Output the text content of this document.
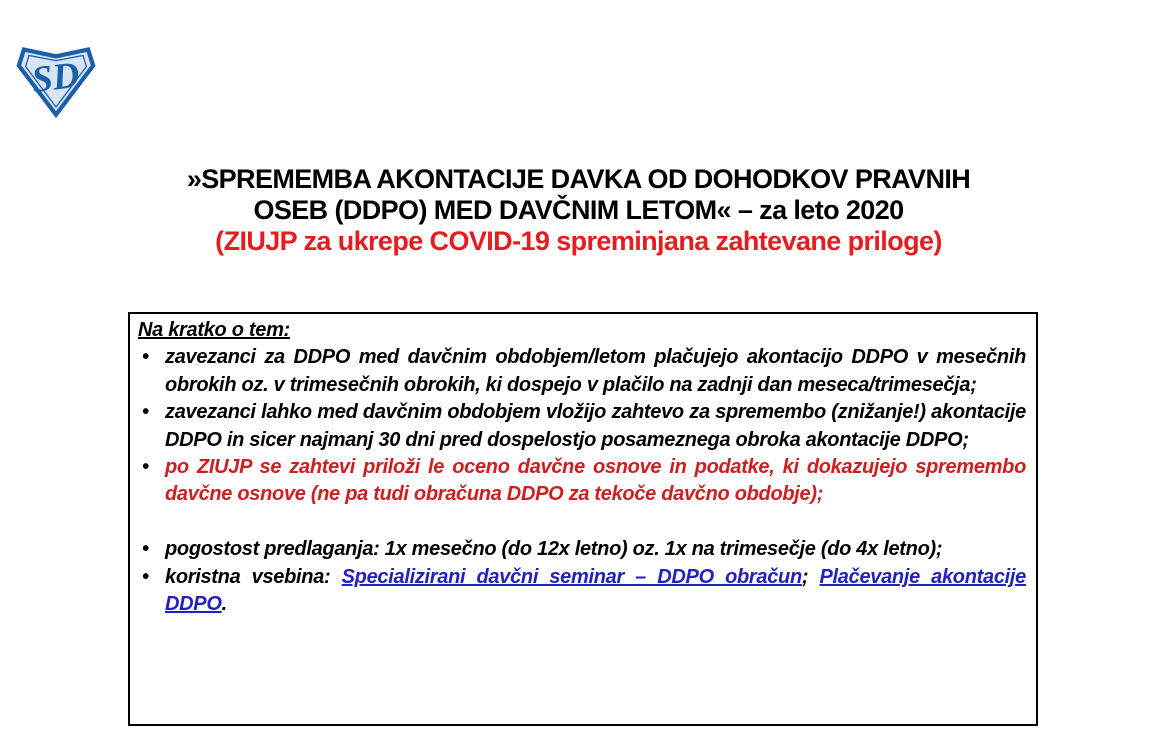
SD
»SPREMEMBA AKONTACIJE DAVKA OD DOHODKOV PRAVNIH
OSEB (DDPO) MED DAVČNIM LETOM« – za leto 2020
(ZIUJP za ukrepe COVID-19 spreminjana zahtevane priloge)
Na kratko o tem:
• zavezanci za DDPO med davčnim obdobjem/letom plačujejo akontacijo DDPO v mesečnih obrokih oz. v trimesečnih obrokih, ki dospejo v plačilo na zadnji dan meseca/trimesečja;
• zavezanci lahko med davčnim obdobjem vložijo zahtevo za spremembo (znižanje!) akontacije DDPO in sicer najmanj 30 dni pred dospelostjo posameznega obroka akontacije DDPO;
• po ZIUJP se zahtevi priloži le oceno davčne osnove in podatke, ki dokazujejo spremembo davčne osnove (ne pa tudi obračuna DDPO za tekoče davčno obdobje);
• pogostost predlaganja: 1x mesečno (do 12x letno) oz. 1x na trimesečje (do 4x letno);
• koristna vsebina: Specializirani davčni seminar – DDPO obračun; Plačevanje akontacije DDPO.
